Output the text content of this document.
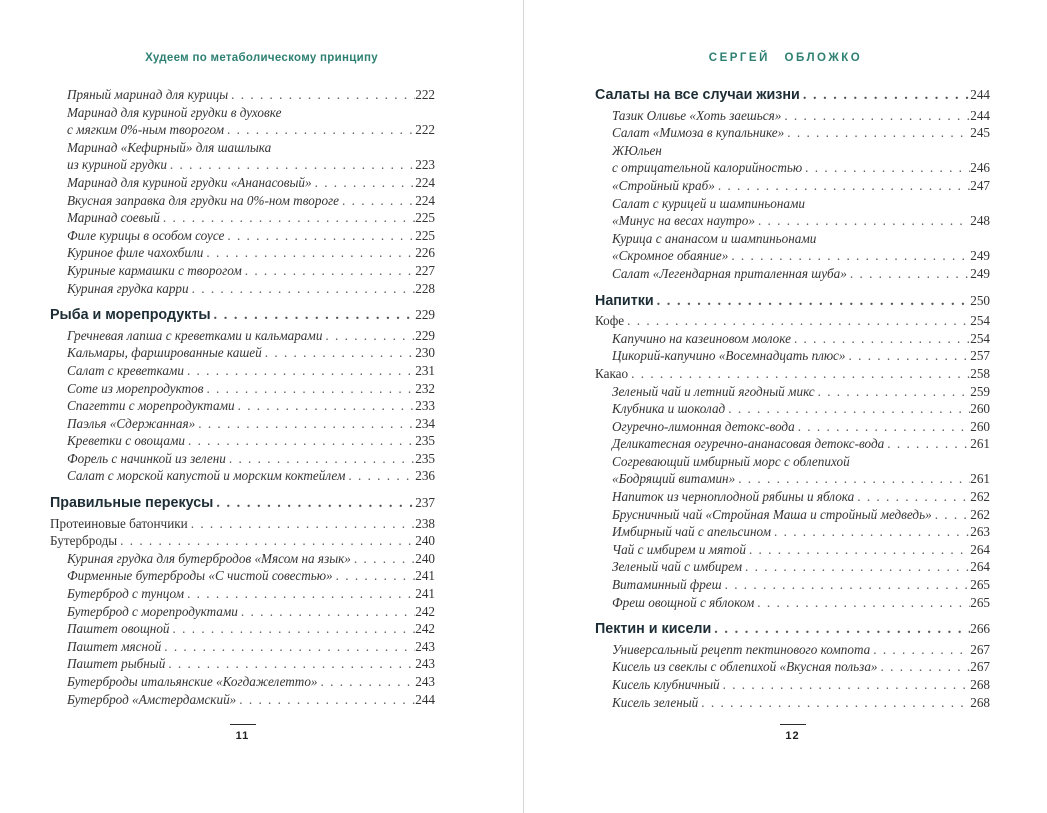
Худеем по метаболическому принципу
Пряный маринад для курицы . . .	222
Маринад для куриной грудки в духовке
с мягким 0%-ным творогом . . .	222
Маринад «Кефирный» для шашлыка
из куриной грудки . . .	223
Маринад для куриной грудки «Ананасовый» . . .	224
Вкусная заправка для грудки на 0%-ном твороге . . .	224
Маринад соевый . . .	225
Филе курицы в особом соусе . . .	225
Куриное филе чахохбили . . .	226
Куриные кармашки с творогом . . .	227
Куриная грудка карри . . .	228
Рыба и морепродукты . . .	229
Гречневая лапша с креветками и кальмарами . . .	229
Кальмары, фаршированные кашей . . .	230
Салат с креветками . . .	231
Соте из морепродуктов . . .	232
Спагетти с морепродуктами . . .	233
Паэлья «Сдержанная» . . .	234
Креветки с овощами . . .	235
Форель с начинкой из зелени . . .	235
Салат с морской капустой и морским коктейлем . . .	236
Правильные перекусы . . .	237
Протеиновые батончики . . .	238
Бутерброды . . .	240
Куриная грудка для бутербродов «Мясом на язык» . . .	240
Фирменные бутерброды «С чистой совестью» . . .	241
Бутерброд с тунцом . . .	241
Бутерброд с морепродуктами . . .	242
Паштет овощной . . .	242
Паштет мясной . . .	243
Паштет рыбный . . .	243
Бутерброды итальянские «Когдажелетто» . . .	243
Бутерброд «Амстердамский» . . .	244
11
СЕРГЕЙ ОБЛОЖКО
Салаты на все случаи жизни . . .	244
Тазик Оливье «Хоть заешься» . . .	244
Салат «Мимоза в купальнике» . . .	245
ЖЮльен
с отрицательной калорийностью . . .	246
«Стройный краб» . . .	247
Салат с курицей и шампиньонами
«Минус на весах наутро» . . .	248
Курица с ананасом и шампиньонами
«Скромное обаяние» . . .	249
Салат «Легендарная приталенная шуба» . . .	249
Напитки . . .	250
Кофе . . .	254
Капучино на казеиновом молоке . . .	254
Цикорий-капучино «Восемнадцать плюс» . . .	257
Какао . . .	258
Зеленый чай и летний ягодный микс . . .	259
Клубника и шоколад . . .	260
Огуречно-лимонная детокс-вода . . .	260
Деликатесная огуречно-ананасовая детокс-вода . . .	261
Согревающий имбирный морс с облепихой
«Бодрящий витамин» . . .	261
Напиток из черноплодной рябины и яблока . . .	262
Брусничный чай «Стройная Маша и стройный медведь» . . .	262
Имбирный чай с апельсином . . .	263
Чай с имбирем и мятой . . .	264
Зеленый чай с имбирем . . .	264
Витаминный фреш . . .	265
Фреш овощной с яблоком . . .	265
Пектин и кисели . . .	266
Универсальный рецепт пектинового компота . . .	267
Кисель из свеклы с облепихой «Вкусная польза» . . .	267
Кисель клубничный . . .	268
Кисель зеленый . . .	268
12
